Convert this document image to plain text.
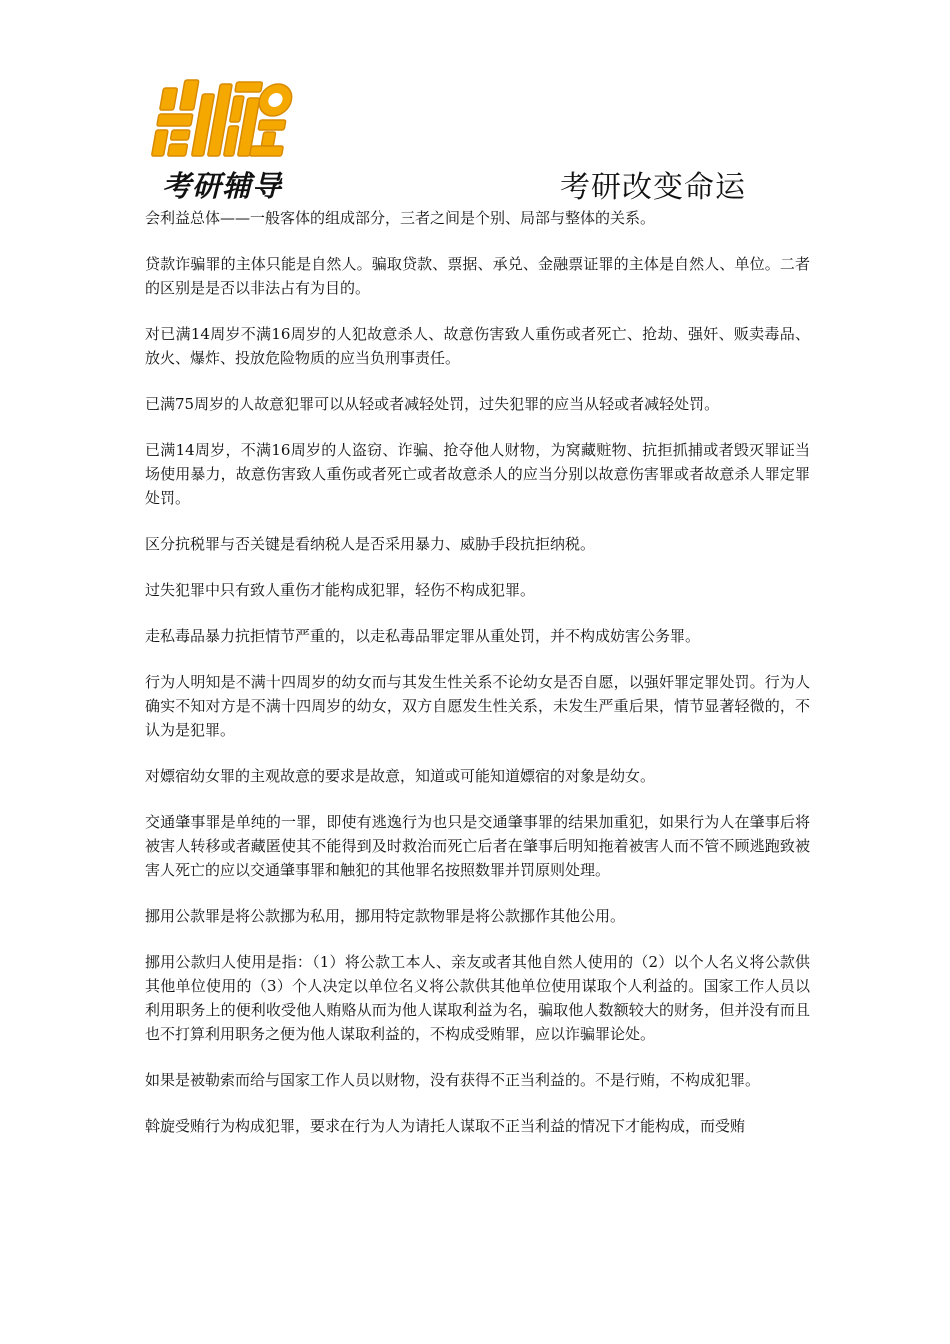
考研辅导	考研改变命运

会利益总体——一般客体的组成部分，三者之间是个别、局部与整体的关系。

贷款诈骗罪的主体只能是自然人。骗取贷款、票据、承兑、金融票证罪的主体是自然人、单位。二者的区别是是否以非法占有为目的。

对已满14周岁不满16周岁的人犯故意杀人、故意伤害致人重伤或者死亡、抢劫、强奸、贩卖毒品、放火、爆炸、投放危险物质的应当负刑事责任。

已满75周岁的人故意犯罪可以从轻或者减轻处罚，过失犯罪的应当从轻或者减轻处罚。

已满14周岁，不满16周岁的人盗窃、诈骗、抢夺他人财物，为窝藏赃物、抗拒抓捕或者毁灭罪证当场使用暴力，故意伤害致人重伤或者死亡或者故意杀人的应当分别以故意伤害罪或者故意杀人罪定罪处罚。

区分抗税罪与否关键是看纳税人是否采用暴力、威胁手段抗拒纳税。

过失犯罪中只有致人重伤才能构成犯罪，轻伤不构成犯罪。

走私毒品暴力抗拒情节严重的，以走私毒品罪定罪从重处罚，并不构成妨害公务罪。

行为人明知是不满十四周岁的幼女而与其发生性关系不论幼女是否自愿，以强奸罪定罪处罚。行为人确实不知对方是不满十四周岁的幼女，双方自愿发生性关系，未发生严重后果，情节显著轻微的，不认为是犯罪。

对嫖宿幼女罪的主观故意的要求是故意，知道或可能知道嫖宿的对象是幼女。

交通肇事罪是单纯的一罪，即使有逃逸行为也只是交通肇事罪的结果加重犯，如果行为人在肇事后将被害人转移或者藏匿使其不能得到及时救治而死亡后者在肇事后明知拖着被害人而不管不顾逃跑致被害人死亡的应以交通肇事罪和触犯的其他罪名按照数罪并罚原则处理。

挪用公款罪是将公款挪为私用，挪用特定款物罪是将公款挪作其他公用。

挪用公款归人使用是指：（1）将公款工本人、亲友或者其他自然人使用的（2）以个人名义将公款供其他单位使用的（3）个人决定以单位名义将公款供其他单位使用谋取个人利益的。国家工作人员以利用职务上的便利收受他人贿赂从而为他人谋取利益为名，骗取他人数额较大的财务，但并没有而且也不打算利用职务之便为他人谋取利益的，不构成受贿罪，应以诈骗罪论处。

如果是被勒索而给与国家工作人员以财物，没有获得不正当利益的。不是行贿，不构成犯罪。

斡旋受贿行为构成犯罪，要求在行为人为请托人谋取不正当利益的情况下才能构成，而受贿
